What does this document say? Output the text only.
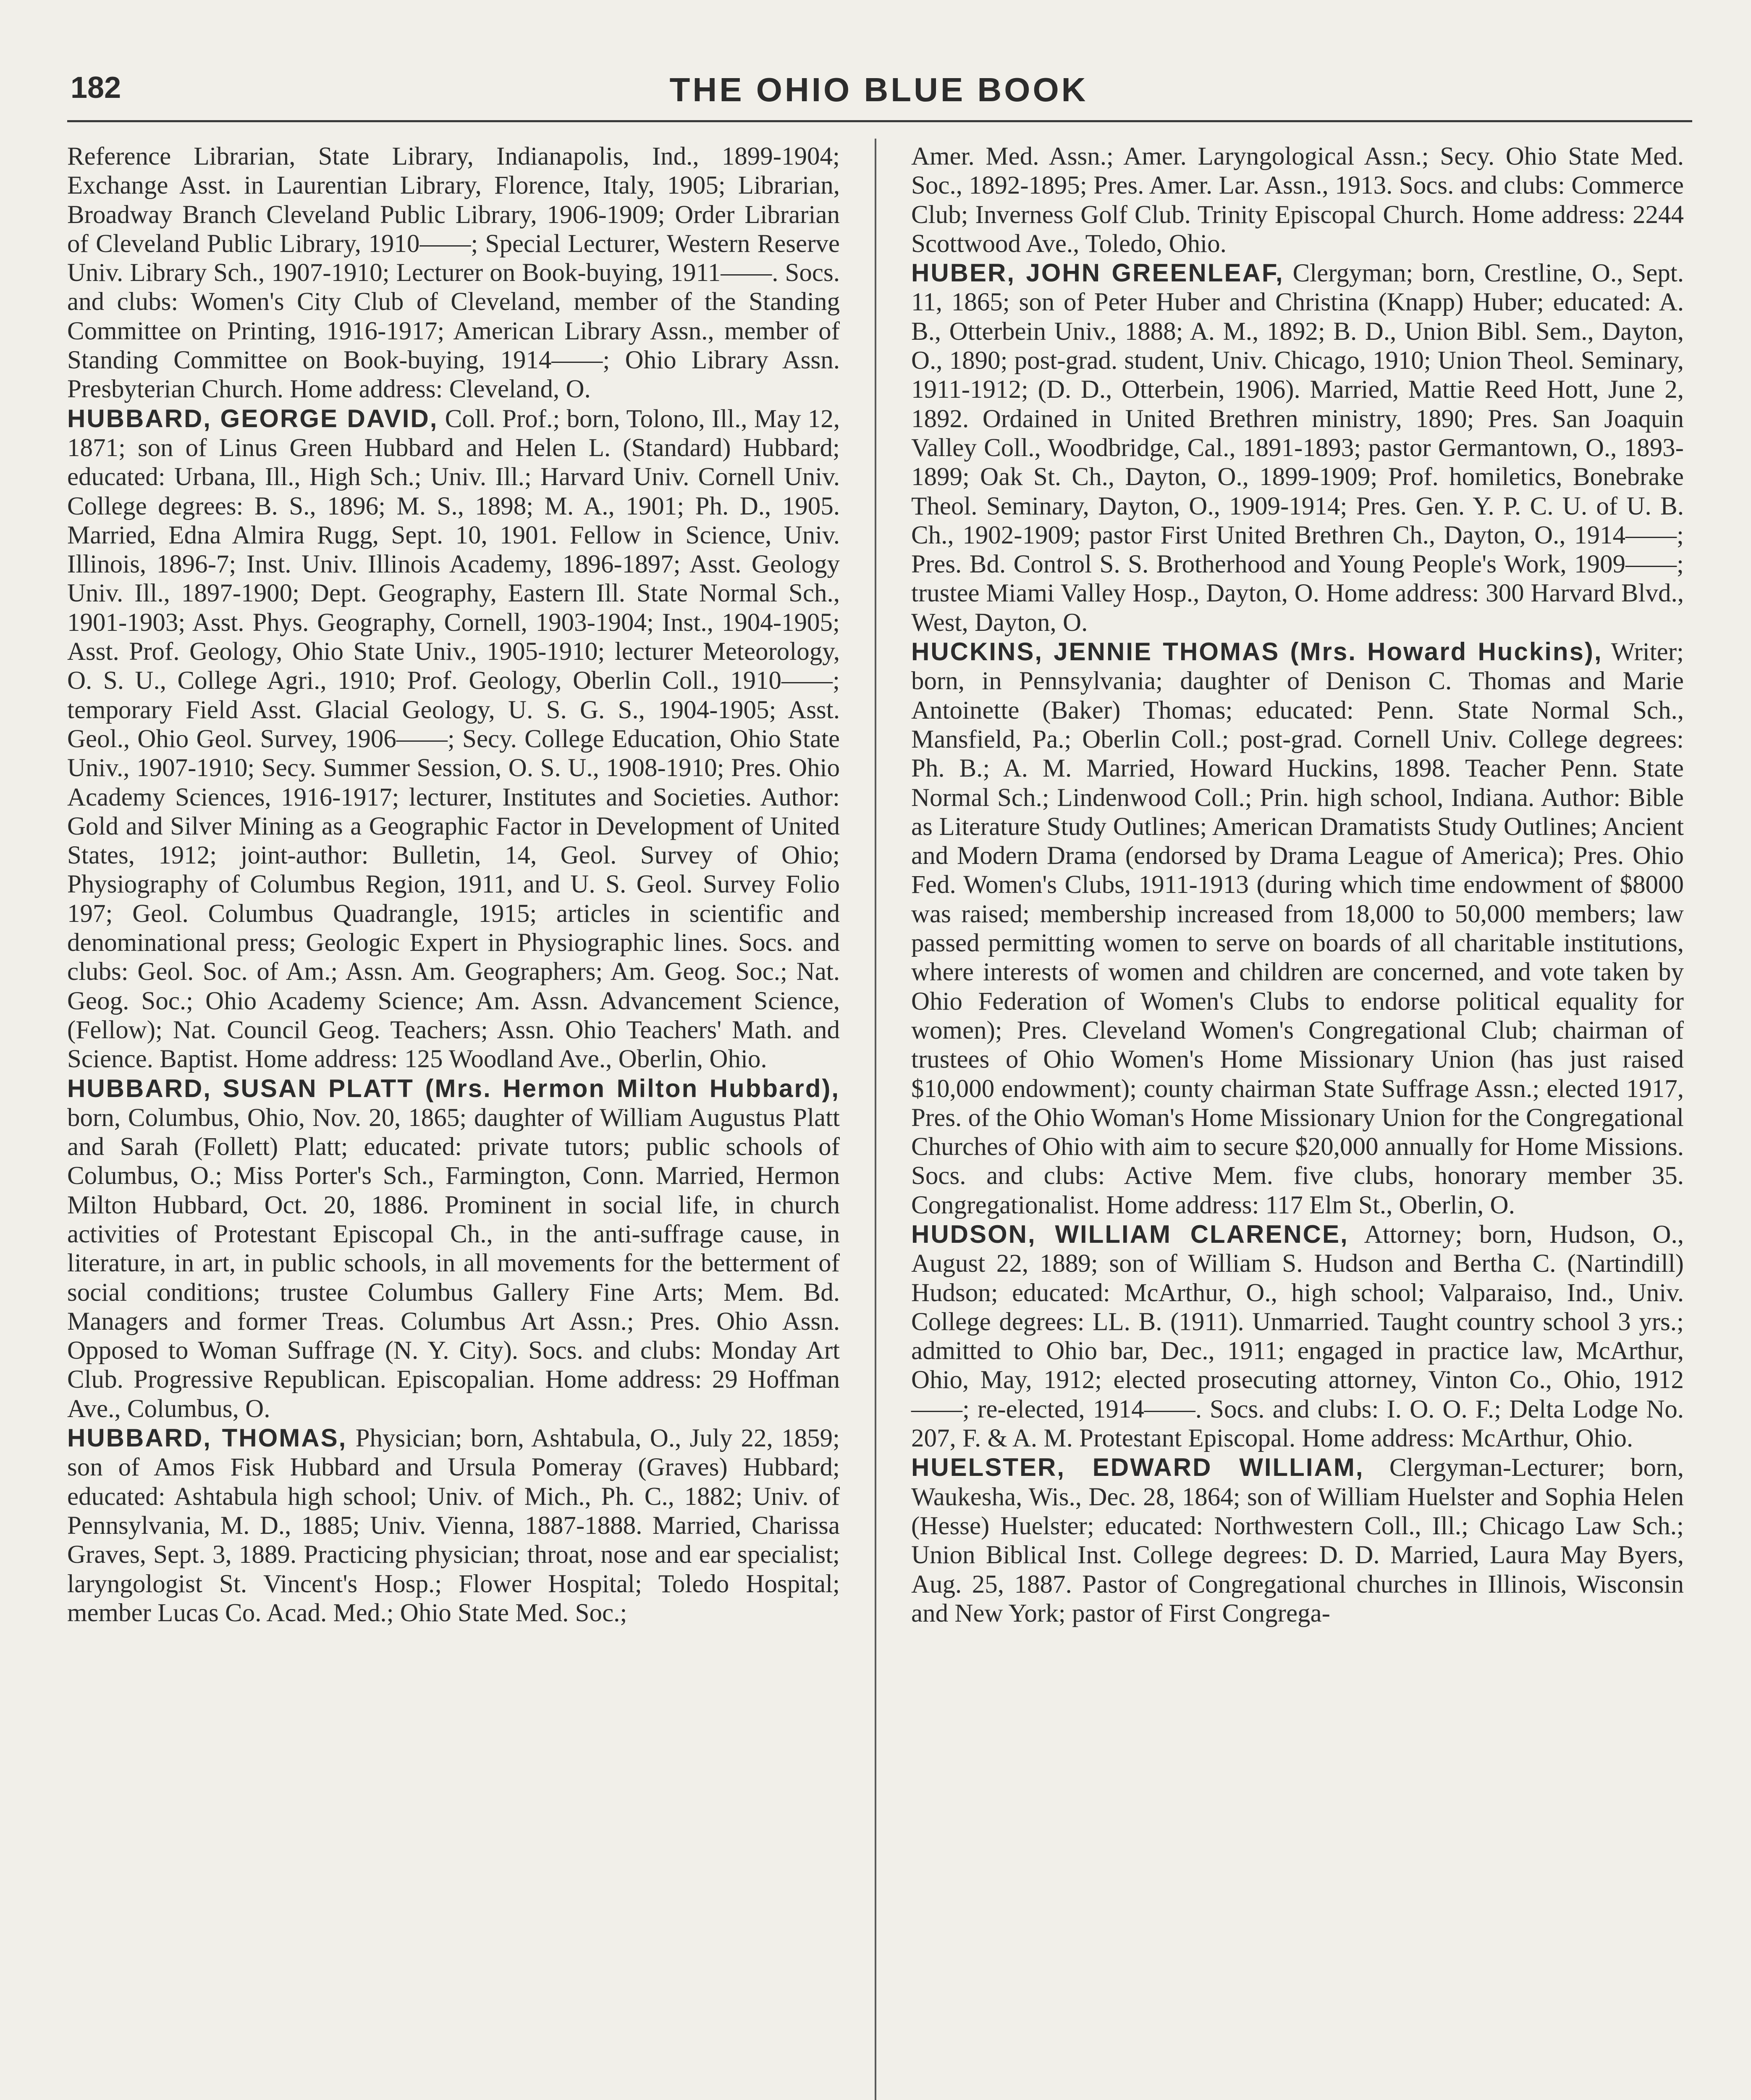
182	THE OHIO BLUE BOOK

Reference Librarian, State Library, Indianapolis, Ind., 1899-1904; Exchange Asst. in Laurentian Library, Florence, Italy, 1905; Librarian, Broadway Branch Cleveland Public Library, 1906-1909; Order Librarian of Cleveland Public Library, 1910——; Special Lecturer, Western Reserve Univ. Library Sch., 1907-1910; Lecturer on Book-buying, 1911——. Socs. and clubs: Women's City Club of Cleveland, member of the Standing Committee on Printing, 1916-1917; American Library Assn., member of Standing Committee on Book-buying, 1914——; Ohio Library Assn. Presbyterian Church. Home address: Cleveland, O.

HUBBARD, GEORGE DAVID, Coll. Prof.; born, Tolono, Ill., May 12, 1871; son of Linus Green Hubbard and Helen L. (Standard) Hubbard; educated: Urbana, Ill., High Sch.; Univ. Ill.; Harvard Univ. Cornell Univ. College degrees: B. S., 1896; M. S., 1898; M. A., 1901; Ph. D., 1905. Married, Edna Almira Rugg, Sept. 10, 1901. Fellow in Science, Univ. Illinois, 1896-7; Inst. Univ. Illinois Academy, 1896-1897; Asst. Geology Univ. Ill., 1897-1900; Dept. Geography, Eastern Ill. State Normal Sch., 1901-1903; Asst. Phys. Geography, Cornell, 1903-1904; Inst., 1904-1905; Asst. Prof. Geology, Ohio State Univ., 1905-1910; lecturer Meteorology, O. S. U., College Agri., 1910; Prof. Geology, Oberlin Coll., 1910——; temporary Field Asst. Glacial Geology, U. S. G. S., 1904-1905; Asst. Geol., Ohio Geol. Survey, 1906——; Secy. College Education, Ohio State Univ., 1907-1910; Secy. Summer Session, O. S. U., 1908-1910; Pres. Ohio Academy Sciences, 1916-1917; lecturer, Institutes and Societies. Author: Gold and Silver Mining as a Geographic Factor in Development of United States, 1912; joint-author: Bulletin, 14, Geol. Survey of Ohio; Physiography of Columbus Region, 1911, and U. S. Geol. Survey Folio 197; Geol. Columbus Quadrangle, 1915; articles in scientific and denominational press; Geologic Expert in Physiographic lines. Socs. and clubs: Geol. Soc. of Am.; Assn. Am. Geographers; Am. Geog. Soc.; Nat. Geog. Soc.; Ohio Academy Science; Am. Assn. Advancement Science, (Fellow); Nat. Council Geog. Teachers; Assn. Ohio Teachers' Math. and Science. Baptist. Home address: 125 Woodland Ave., Oberlin, Ohio.

HUBBARD, SUSAN PLATT (Mrs. Hermon Milton Hubbard), born, Columbus, Ohio, Nov. 20, 1865; daughter of William Augustus Platt and Sarah (Follett) Platt; educated: private tutors; public schools of Columbus, O.; Miss Porter's Sch., Farmington, Conn. Married, Hermon Milton Hubbard, Oct. 20, 1886. Prominent in social life, in church activities of Protestant Episcopal Ch., in the anti-suffrage cause, in literature, in art, in public schools, in all movements for the betterment of social conditions; trustee Columbus Gallery Fine Arts; Mem. Bd. Managers and former Treas. Columbus Art Assn.; Pres. Ohio Assn. Opposed to Woman Suffrage (N. Y. City). Socs. and clubs: Monday Art Club. Progressive Republican. Episcopalian. Home address: 29 Hoffman Ave., Columbus, O.

HUBBARD, THOMAS, Physician; born, Ashtabula, O., July 22, 1859; son of Amos Fisk Hubbard and Ursula Pomeray (Graves) Hubbard; educated: Ashtabula high school; Univ. of Mich., Ph. C., 1882; Univ. of Pennsylvania, M. D., 1885; Univ. Vienna, 1887-1888. Married, Charissa Graves, Sept. 3, 1889. Practicing physician; throat, nose and ear specialist; laryngologist St. Vincent's Hosp.; Flower Hospital; Toledo Hospital; member Lucas Co. Acad. Med.; Ohio State Med. Soc.;

Amer. Med. Assn.; Amer. Laryngological Assn.; Secy. Ohio State Med. Soc., 1892-1895; Pres. Amer. Lar. Assn., 1913. Socs. and clubs: Commerce Club; Inverness Golf Club. Trinity Episcopal Church. Home address: 2244 Scottwood Ave., Toledo, Ohio.

HUBER, JOHN GREENLEAF, Clergyman; born, Crestline, O., Sept. 11, 1865; son of Peter Huber and Christina (Knapp) Huber; educated: A. B., Otterbein Univ., 1888; A. M., 1892; B. D., Union Bibl. Sem., Dayton, O., 1890; post-grad. student, Univ. Chicago, 1910; Union Theol. Seminary, 1911-1912; (D. D., Otterbein, 1906). Married, Mattie Reed Hott, June 2, 1892. Ordained in United Brethren ministry, 1890; Pres. San Joaquin Valley Coll., Woodbridge, Cal., 1891-1893; pastor Germantown, O., 1893-1899; Oak St. Ch., Dayton, O., 1899-1909; Prof. homiletics, Bonebrake Theol. Seminary, Dayton, O., 1909-1914; Pres. Gen. Y. P. C. U. of U. B. Ch., 1902-1909; pastor First United Brethren Ch., Dayton, O., 1914——; Pres. Bd. Control S. S. Brotherhood and Young People's Work, 1909——; trustee Miami Valley Hosp., Dayton, O. Home address: 300 Harvard Blvd., West, Dayton, O.

HUCKINS, JENNIE THOMAS (Mrs. Howard Huckins), Writer; born, in Pennsylvania; daughter of Denison C. Thomas and Marie Antoinette (Baker) Thomas; educated: Penn. State Normal Sch., Mansfield, Pa.; Oberlin Coll.; post-grad. Cornell Univ. College degrees: Ph. B.; A. M. Married, Howard Huckins, 1898. Teacher Penn. State Normal Sch.; Lindenwood Coll.; Prin. high school, Indiana. Author: Bible as Literature Study Outlines; American Dramatists Study Outlines; Ancient and Modern Drama (endorsed by Drama League of America); Pres. Ohio Fed. Women's Clubs, 1911-1913 (during which time endowment of $8000 was raised; membership increased from 18,000 to 50,000 members; law passed permitting women to serve on boards of all charitable institutions, where interests of women and children are concerned, and vote taken by Ohio Federation of Women's Clubs to endorse political equality for women); Pres. Cleveland Women's Congregational Club; chairman of trustees of Ohio Women's Home Missionary Union (has just raised $10,000 endowment); county chairman State Suffrage Assn.; elected 1917, Pres. of the Ohio Woman's Home Missionary Union for the Congregational Churches of Ohio with aim to secure $20,000 annually for Home Missions. Socs. and clubs: Active Mem. five clubs, honorary member 35. Congregationalist. Home address: 117 Elm St., Oberlin, O.

HUDSON, WILLIAM CLARENCE, Attorney; born, Hudson, O., August 22, 1889; son of William S. Hudson and Bertha C. (Nartindill) Hudson; educated: McArthur, O., high school; Valparaiso, Ind., Univ. College degrees: LL. B. (1911). Unmarried. Taught country school 3 yrs.; admitted to Ohio bar, Dec., 1911; engaged in practice law, McArthur, Ohio, May, 1912; elected prosecuting attorney, Vinton Co., Ohio, 1912——; re-elected, 1914——. Socs. and clubs: I. O. O. F.; Delta Lodge No. 207, F. & A. M. Protestant Episcopal. Home address: McArthur, Ohio.

HUELSTER, EDWARD WILLIAM, Clergyman-Lecturer; born, Waukesha, Wis., Dec. 28, 1864; son of William Huelster and Sophia Helen (Hesse) Huelster; educated: Northwestern Coll., Ill.; Chicago Law Sch.; Union Biblical Inst. College degrees: D. D. Married, Laura May Byers, Aug. 25, 1887. Pastor of Congregational churches in Illinois, Wisconsin and New York; pastor of First Congrega-
